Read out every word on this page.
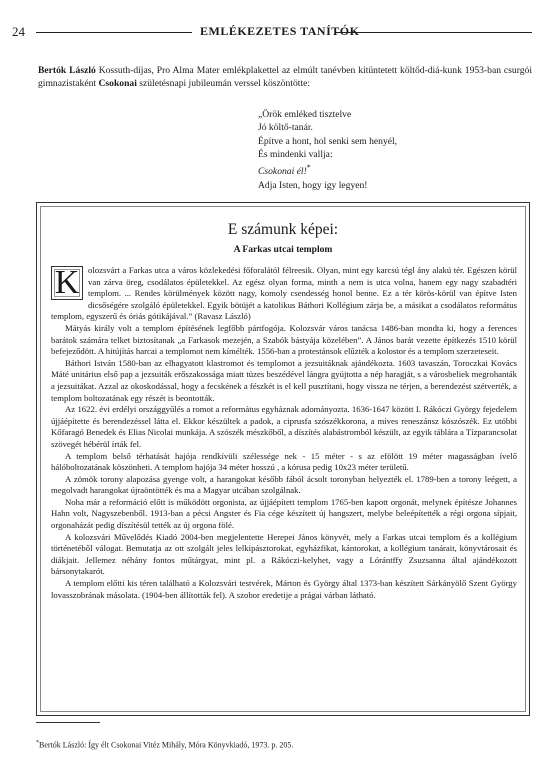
24	EMLÉKEZETES TANÍTÓK
Bertók László Kossuth-díjas, Pro Alma Mater emlékplakettel az elmúlt tanévben kitüntetett költőd-diá-kunk 1953-ban csurgói gimnazistaként Csokonai születésnapi jubileumán verssel köszöntötte:
„Örök emléked tisztelve
Jó költő-tanár.
Építve a hont, hol senki sem henyél,
És mindenki vallja:
Csokonai él!*
Adja Isten, hogy így legyen!
E számunk képei:
A Farkas utcai templom

K	olozsvárt a Farkas utca a város közlekedési főforalától félreesik. Olyan, mint egy karcsú tégl ány alakú tér. Egészen körül van zárva öreg, csodálatos épületekkel. Az egész olyan forma, minth a nem is utca volna, hanem egy nagy szabadtéri templom. ... Rendes körülmények között nagy, komoly csendesség honol benne. Ez a tér körös-körül van építve Isten dicsőségére szolgáló épületekkel. Egyik bötüjét a katolikus Báthori Kollégium zárja be, a másikat a csodálatos református templom, egyszerű és óriás gótikájával.” (Ravasz László)

Mátyás király volt a templom építésének legfőbb pártfogója. Kolozsvár város tanácsa 1486-ban mondta ki, hogy a ferences barátok számára telket biztosítanak „a Farkasok mezején, a Szabók bástyája közelében”. A János barát vezette építkezés 1510 körül befejeződött. A hitújítás harcai a templomot nem kímélték. 1556-ban a protestánsok elűzték a kolostor és a templom szerzeteseit.

Báthori István 1580-ban az elhagyatott klastromot és templomot a jezsuitáknak ajándékozta. 1603 tavaszán, Toroczkai Kovács Máté unitárius első pap a jezsuiták erőszakossága miatt tüzes beszédével lángra gyújtotta a nép haragját, s a városbeliek megrohanták a jezsuitákat. Azzal az okoskodással, hogy a fecskének a fészkét is el kell pusztítani, hogy vissza ne térjen, a berendezést szétverték, a templom boltozatának egy részét is beontották.

Az 1622. évi erdélyi országgyűlés a romot a református egyháznak adományozta. 1636-1647 között I. Rákóczi György fejedelem újjáépítette és berendezéssel látta el. Ekkor készültek a padok, a ciprusfa szószékkorona, a míves reneszánsz kószószék. Ez utóbbi Kőfaragó Benedek és Elias Nicolai munkája. A szószék mészkőből, a díszítés alabástromból készült, az egyik táblára a Tízparancsolat szövegét hébérül írták fel.

A templom belső térhatását hajója rendkívüli szélessége nek - 15 méter - s az efölött 19 méter magasságban ívelő hálóboltozatának köszönheti. A templom hajója 34 méter hosszú , a kórusa pedig 10x23 méter területű.

A zömök torony alapozása gyenge volt, a harangokat később fából ácsolt toronyban helyezték el. 1789-ben a torony leégett, a megolvadt harangokat újraöntötték és ma a Magyar utcában szolgálnak.

Noha már a reformáció előtt is működött orgonista, az újjáépített templom 1765-ben kapott orgonát, melynek építésze Johannes Hahn volt, Nagyszebenből. 1913-ban a pécsi Angster és Fia cége készített új hangszert, melybe beleépítették a régi orgona sípjait, orgonaházát pedig díszítésül tették az új orgona fölé.

A kolozsvári Művelődés Kiadó 2004-ben megjelentette Herepei János könyvét, mely a Farkas utcai templom és a kollégium történetéből válogat. Bemutatja az ott szolgált jeles lelkipásztorokat, egyházfikat, kántorokat, a kollégium tanárait, könyvtárosait és diákjait. Jellemez néhány fontos műtárgyat, mint pl. a Rákóczi-kelyhet, vagy a Lórántffy Zsuzsanna által ajándékozott bársonytakarót.

A templom előtti kis téren található a Kolozsvári testvérek, Márton és György által 1373-ban készített Sárkányölő Szent György lovasszobrának másolata. (1904-ben állították fel). A szobor eredetije a prágai várban látható.

*Bertók László: Így élt Csokonai Vitéz Mihály, Móra Könyvkiadó, 1973. p. 205.
